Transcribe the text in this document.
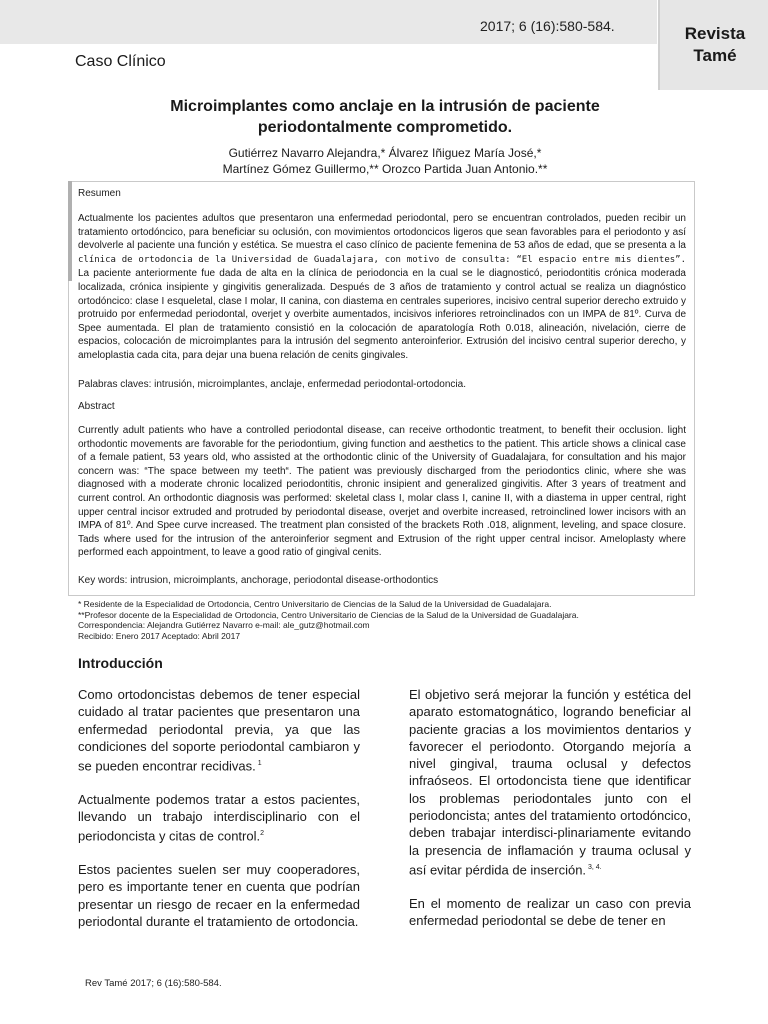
2017; 6 (16):580-584.	Revista
Tamé
Caso Clínico
Microimplantes como anclaje en la intrusión de paciente
periodontalmente comprometido.
Gutiérrez Navarro Alejandra,* Álvarez Iñiguez María José,*
Martínez Gómez Guillermo,** Orozco Partida Juan Antonio.**
Resumen
Actualmente los pacientes adultos que presentaron una enfermedad periodontal, pero se encuentran controlados, pueden recibir un tratamiento ortodóncico, para beneficiar su oclusión, con movimientos ortodoncicos ligeros que sean favorables para el periodonto y así devolverle al paciente una función y estética. Se muestra el caso clínico de paciente femenina de 53 años de edad, que se presenta a la clínica de ortodoncia de la Universidad de Guadalajara, con motivo de consulta: “El espacio entre mis dientes”. La paciente anteriormente fue dada de alta en la clínica de periodoncia en la cual se le diagnosticó, periodontitis crónica moderada localizada, crónica insipiente y gingivitis generalizada. Después de 3 años de tratamiento y control actual se realiza un diagnóstico ortodóncico: clase I esqueletal, clase I molar, II canina, con diastema en centrales superiores, incisivo central superior derecho extruido y protruido por enfermedad periodontal, overjet y overbite aumentados, incisivos inferiores retroinclinados con un IMPA de 81º. Curva de Spee aumentada. El plan de tratamiento consistió en la colocación de aparatología Roth 0.018, alineación, nivelación, cierre de espacios, colocación de microimplantes para la intrusión del segmento anteroinferior. Extrusión del incisivo central superior derecho, y ameloplastia cada cita, para dejar una buena relación de cenits gingivales.
Palabras claves: intrusión, microimplantes, anclaje, enfermedad periodontal-ortodoncia.
Abstract
Currently adult patients who have a controlled periodontal disease, can receive orthodontic treatment, to benefit their occlusion. light orthodontic movements are favorable for the periodontium, giving function and aesthetics to the patient. This article shows a clinical case of a female patient, 53 years old, who assisted at the orthodontic clinic of the University of Guadalajara, for consultation and his major concern was: “The space between my teeth“. The patient was previously discharged from the periodontics clinic, where she was diagnosed with a moderate chronic localized periodontitis, chronic insipient and generalized gingivitis. After 3 years of treatment and current control. An orthodontic diagnosis was performed: skeletal class I, molar class I, canine II, with a diastema in upper central, right upper central incisor extruded and protruded by periodontal disease, overjet and overbite increased, retroinclined lower incisors with an IMPA of 81º. And Spee curve increased. The treatment plan consisted of the brackets Roth .018, alignment, leveling, and space closure. Tads where used for the intrusion of the anteroinferior segment and Extrusion of the right upper central incisor. Ameloplasty where performed each appointment, to leave a good ratio of gingival cenits.
Key words: intrusion, microimplants, anchorage, periodontal disease-orthodontics
* Residente de la Especialidad de Ortodoncia, Centro Universitario de Ciencias de la Salud de la Universidad de Guadalajara.
**Profesor docente de la Especialidad de Ortodoncia, Centro Universitario de Ciencias de la Salud de la Universidad de Guadalajara.
Correspondencia: Alejandra Gutiérrez Navarro e-mail: ale_gutz@hotmail.com
Recibido: Enero 2017 Aceptado: Abril 2017
Introducción

Como ortodoncistas debemos de tener especial cuidado al tratar pacientes que presentaron una enfermedad periodontal previa, ya que las condiciones del soporte periodontal cambiaron y se pueden encontrar recidivas. $^1$

Actualmente podemos tratar a estos pacientes, llevando un trabajo interdisciplinario con el periodoncista y citas de control.$^2$

Estos pacientes suelen ser muy cooperadores, pero es importante tener en cuenta que podrían presentar un riesgo de recaer en la enfermedad periodontal durante el tratamiento de ortodoncia.

El objetivo será mejorar la función y estética del aparato estomatognático, logrando beneficiar al paciente gracias a los movimientos dentarios y favorecer el periodonto. Otorgando mejoría a nivel gingival, trauma oclusal y defectos infraóseos. El ortodoncista tiene que identificar los problemas periodontales junto con el periodoncista; antes del tratamiento ortodóncico, deben trabajar interdisci-plinariamente evitando la presencia de inflamación y trauma oclusal y así evitar pérdida de inserción. $^{3, 4.}$

En el momento de realizar un caso con previa enfermedad periodontal se debe de tener en

Rev Tamé 2017; 6 (16):580-584.
